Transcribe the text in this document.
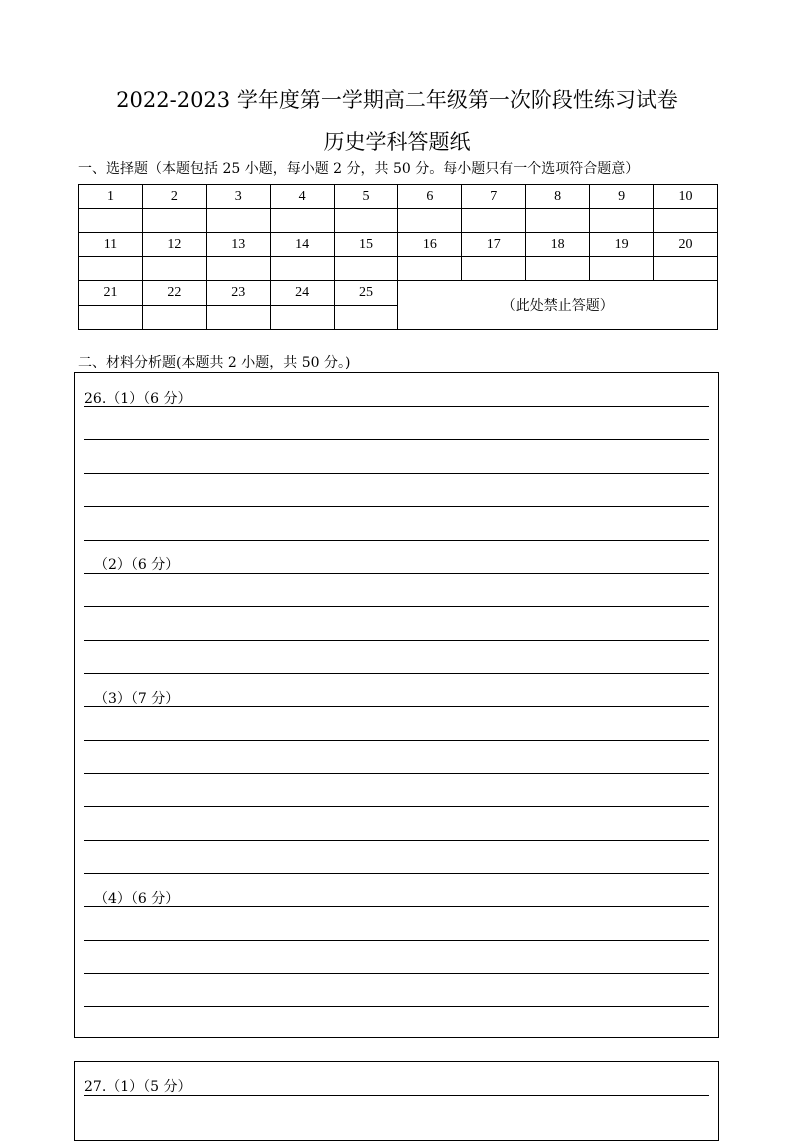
2022-2023 学年度第一学期高二年级第一次阶段性练习试卷
历史学科答题纸
一、选择题（本题包括 25 小题，每小题 2 分，共 50 分。每小题只有一个选项符合题意）
1	2	3	4	5	6	7	8	9	10

11	12	13	14	15	16	17	18	19	20

21	22	23	24	25	（此处禁止答题）				

二、材料分析题(本题共 2 小题，共 50 分。)
26.（1）（6 分）
（2）（6 分）
（3）（7 分）
（4）（6 分）
27.（1）（5 分）
